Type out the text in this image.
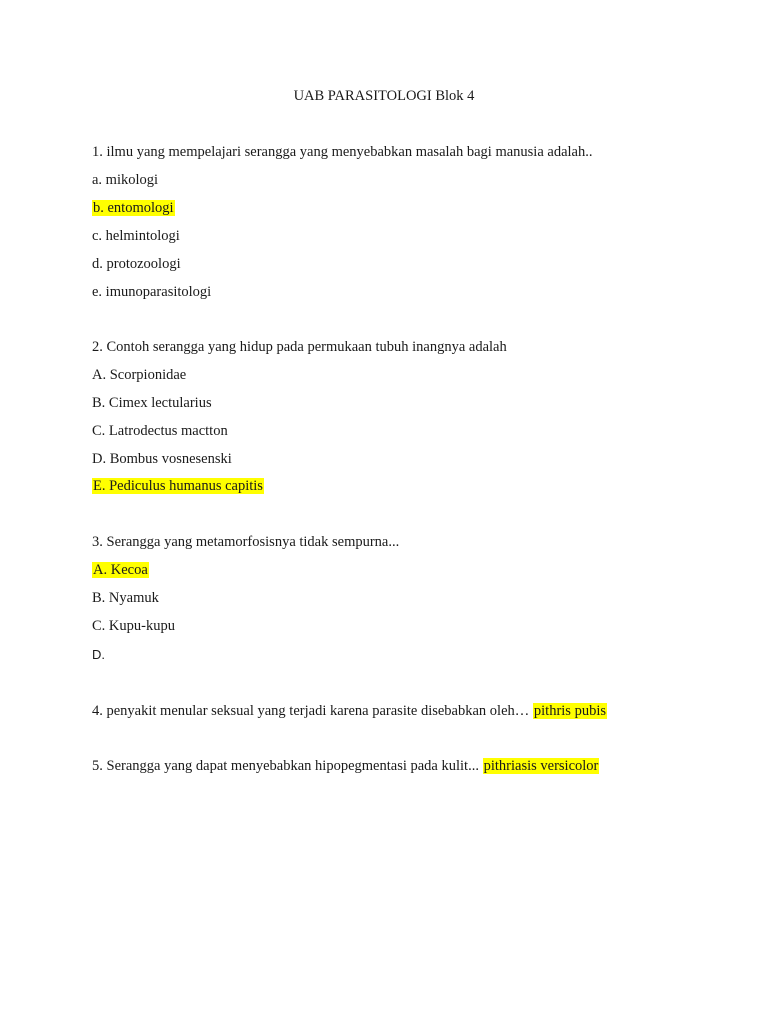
UAB PARASITOLOGI Blok 4
1. ilmu yang mempelajari serangga yang menyebabkan masalah bagi manusia adalah..
a. mikologi
b. entomologi
c. helmintologi
d. protozoologi
e. imunoparasitologi
2. Contoh serangga yang hidup pada permukaan tubuh inangnya adalah
A. Scorpionidae
B. Cimex lectularius
C. Latrodectus mactton
D. Bombus vosnesenski
E. Pediculus humanus capitis
3. Serangga yang metamorfosisnya tidak sempurna...
A. Kecoa
B. Nyamuk
C. Kupu-kupu
D.
4. penyakit menular seksual yang terjadi karena parasite disebabkan oleh… pithris pubis
5. Serangga yang dapat menyebabkan hipopegmentasi pada kulit... pithriasis versicolor
